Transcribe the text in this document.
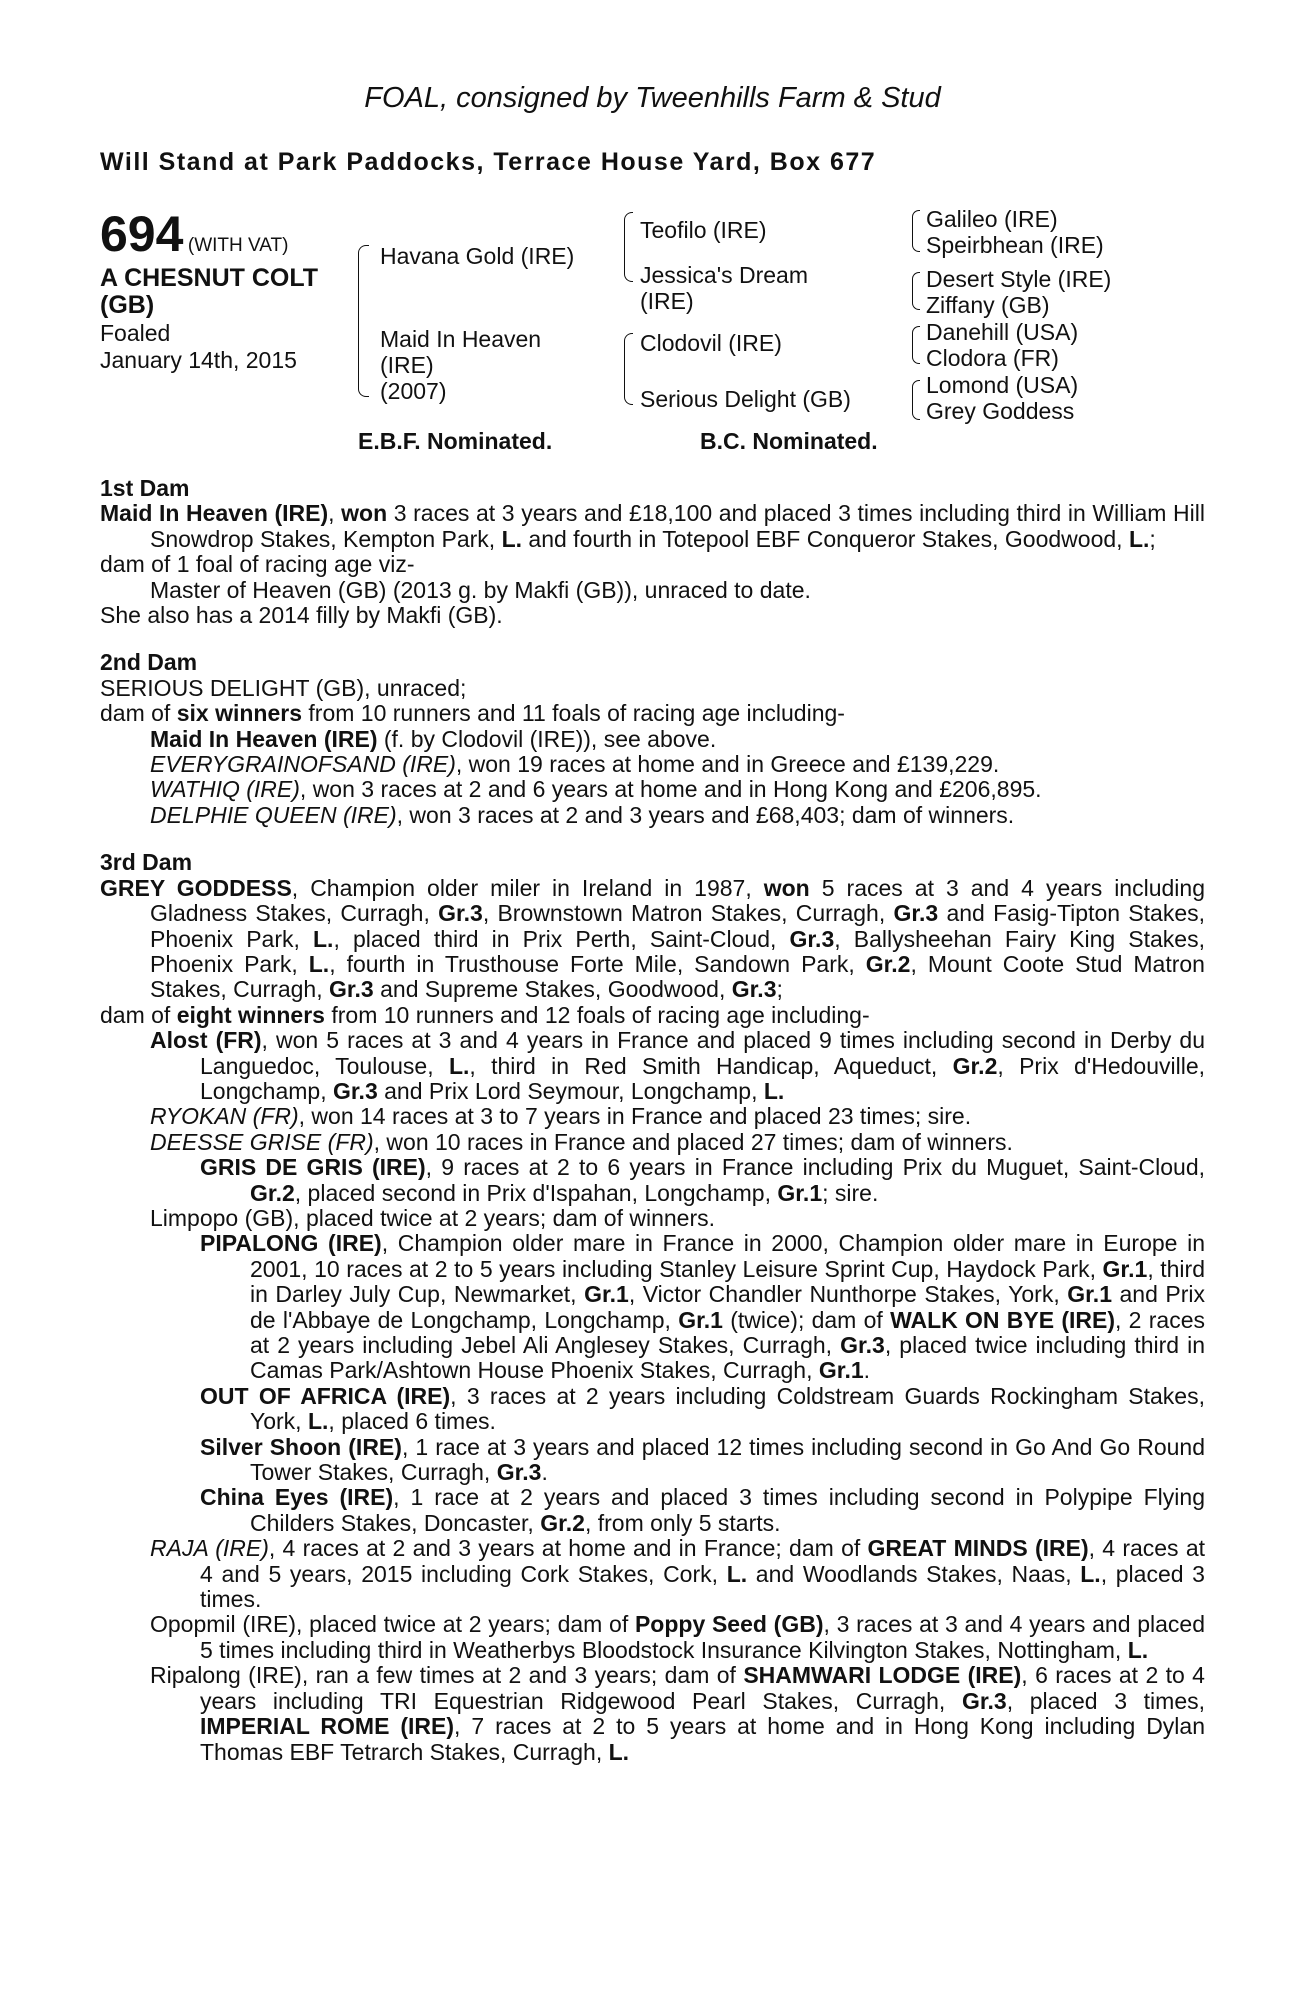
FOAL, consigned by Tweenhills Farm & Stud
Will Stand at Park Paddocks, Terrace House Yard, Box 677
694 (WITH VAT)
A CHESNUT COLT
(GB)
Foaled
January 14th, 2015
Havana Gold (IRE)
Maid In Heaven
(IRE)
(2007)
Teofilo (IRE)
Jessica's Dream
(IRE)
Clodovil (IRE)
Serious Delight (GB)
Galileo (IRE)
Speirbhean (IRE)
Desert Style (IRE)
Ziffany (GB)
Danehill (USA)
Clodora (FR)
Lomond (USA)
Grey Goddess
E.B.F. Nominated.	B.C. Nominated.
1st Dam
Maid In Heaven (IRE), won 3 races at 3 years and £18,100 and placed 3 times including third in William Hill Snowdrop Stakes, Kempton Park, L. and fourth in Totepool EBF Conqueror Stakes, Goodwood, L.;
dam of 1 foal of racing age viz-
Master of Heaven (GB) (2013 g. by Makfi (GB)), unraced to date.
She also has a 2014 filly by Makfi (GB).
2nd Dam
SERIOUS DELIGHT (GB), unraced;
dam of six winners from 10 runners and 11 foals of racing age including-
Maid In Heaven (IRE) (f. by Clodovil (IRE)), see above.
EVERYGRAINOFSAND (IRE), won 19 races at home and in Greece and £139,229.
WATHIQ (IRE), won 3 races at 2 and 6 years at home and in Hong Kong and £206,895.
DELPHIE QUEEN (IRE), won 3 races at 2 and 3 years and £68,403; dam of winners.
3rd Dam
GREY GODDESS, Champion older miler in Ireland in 1987, won 5 races at 3 and 4 years including Gladness Stakes, Curragh, Gr.3, Brownstown Matron Stakes, Curragh, Gr.3 and Fasig-Tipton Stakes, Phoenix Park, L., placed third in Prix Perth, Saint-Cloud, Gr.3, Ballysheehan Fairy King Stakes, Phoenix Park, L., fourth in Trusthouse Forte Mile, Sandown Park, Gr.2, Mount Coote Stud Matron Stakes, Curragh, Gr.3 and Supreme Stakes, Goodwood, Gr.3;
dam of eight winners from 10 runners and 12 foals of racing age including-
Alost (FR), won 5 races at 3 and 4 years in France and placed 9 times including second in Derby du Languedoc, Toulouse, L., third in Red Smith Handicap, Aqueduct, Gr.2, Prix d'Hedouville, Longchamp, Gr.3 and Prix Lord Seymour, Longchamp, L.
RYOKAN (FR), won 14 races at 3 to 7 years in France and placed 23 times; sire.
DEESSE GRISE (FR), won 10 races in France and placed 27 times; dam of winners.
GRIS DE GRIS (IRE), 9 races at 2 to 6 years in France including Prix du Muguet, Saint-Cloud, Gr.2, placed second in Prix d'Ispahan, Longchamp, Gr.1; sire.
Limpopo (GB), placed twice at 2 years; dam of winners.
PIPALONG (IRE), Champion older mare in France in 2000, Champion older mare in Europe in 2001, 10 races at 2 to 5 years including Stanley Leisure Sprint Cup, Haydock Park, Gr.1, third in Darley July Cup, Newmarket, Gr.1, Victor Chandler Nunthorpe Stakes, York, Gr.1 and Prix de l'Abbaye de Longchamp, Longchamp, Gr.1 (twice); dam of WALK ON BYE (IRE), 2 races at 2 years including Jebel Ali Anglesey Stakes, Curragh, Gr.3, placed twice including third in Camas Park/Ashtown House Phoenix Stakes, Curragh, Gr.1.
OUT OF AFRICA (IRE), 3 races at 2 years including Coldstream Guards Rockingham Stakes, York, L., placed 6 times.
Silver Shoon (IRE), 1 race at 3 years and placed 12 times including second in Go And Go Round Tower Stakes, Curragh, Gr.3.
China Eyes (IRE), 1 race at 2 years and placed 3 times including second in Polypipe Flying Childers Stakes, Doncaster, Gr.2, from only 5 starts.
RAJA (IRE), 4 races at 2 and 3 years at home and in France; dam of GREAT MINDS (IRE), 4 races at 4 and 5 years, 2015 including Cork Stakes, Cork, L. and Woodlands Stakes, Naas, L., placed 3 times.
Opopmil (IRE), placed twice at 2 years; dam of Poppy Seed (GB), 3 races at 3 and 4 years and placed 5 times including third in Weatherbys Bloodstock Insurance Kilvington Stakes, Nottingham, L.
Ripalong (IRE), ran a few times at 2 and 3 years; dam of SHAMWARI LODGE (IRE), 6 races at 2 to 4 years including TRI Equestrian Ridgewood Pearl Stakes, Curragh, Gr.3, placed 3 times, IMPERIAL ROME (IRE), 7 races at 2 to 5 years at home and in Hong Kong including Dylan Thomas EBF Tetrarch Stakes, Curragh, L.
